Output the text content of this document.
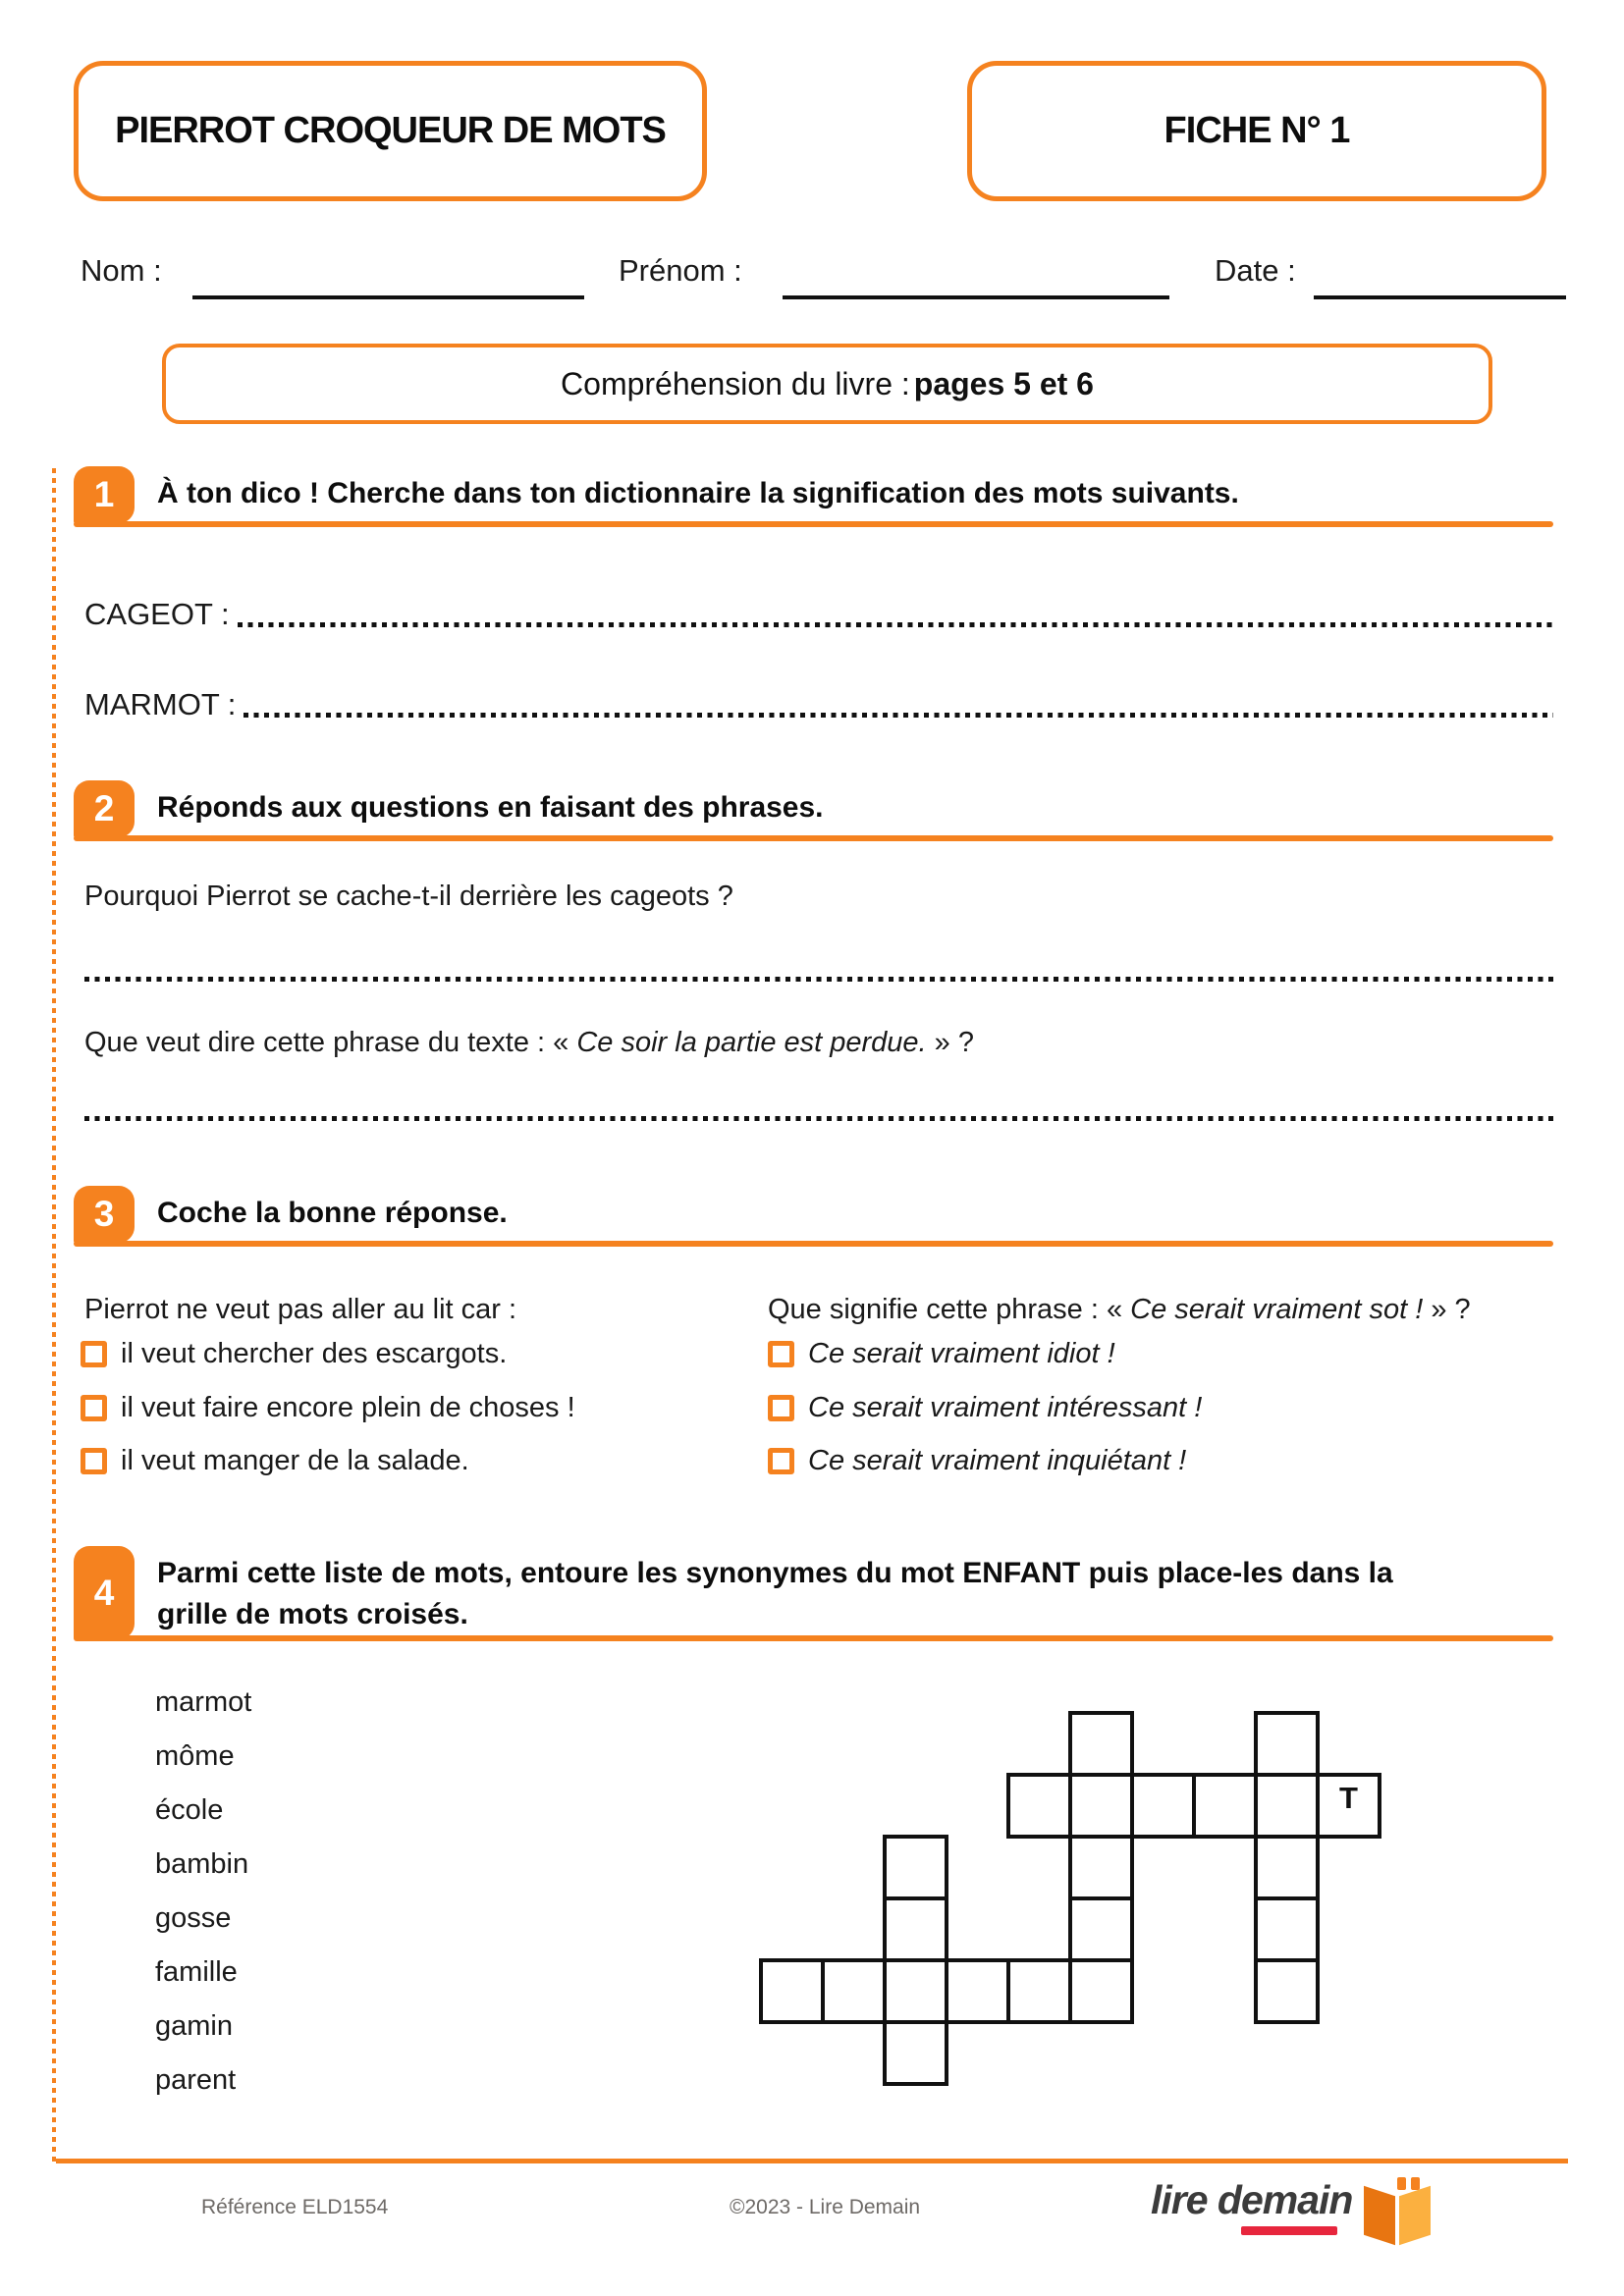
PIERROT CROQUEUR DE MOTS	FICHE N° 1
Nom :	Prénom :	Date :
Compréhension du livre : pages 5 et 6
1 À ton dico ! Cherche dans ton dictionnaire la signification des mots suivants.
CAGEOT :
MARMOT :
2 Réponds aux questions en faisant des phrases.
Pourquoi Pierrot se cache-t-il derrière les cageots ?
Que veut dire cette phrase du texte : « Ce soir la partie est perdue. » ?
3 Coche la bonne réponse.
Pierrot ne veut pas aller au lit car :	Que signifie cette phrase : « Ce serait vraiment sot ! » ?
il veut chercher des escargots.
il veut faire encore plein de choses !
il veut manger de la salade.
Ce serait vraiment idiot !
Ce serait vraiment intéressant !
Ce serait vraiment inquiétant !
4 Parmi cette liste de mots, entoure les synonymes du mot ENFANT puis place-les dans la grille de mots croisés.
marmot
môme
école
bambin
gosse
famille
gamin
parent
T
Référence ELD1554	©2023 - Lire Demain	lire demain
